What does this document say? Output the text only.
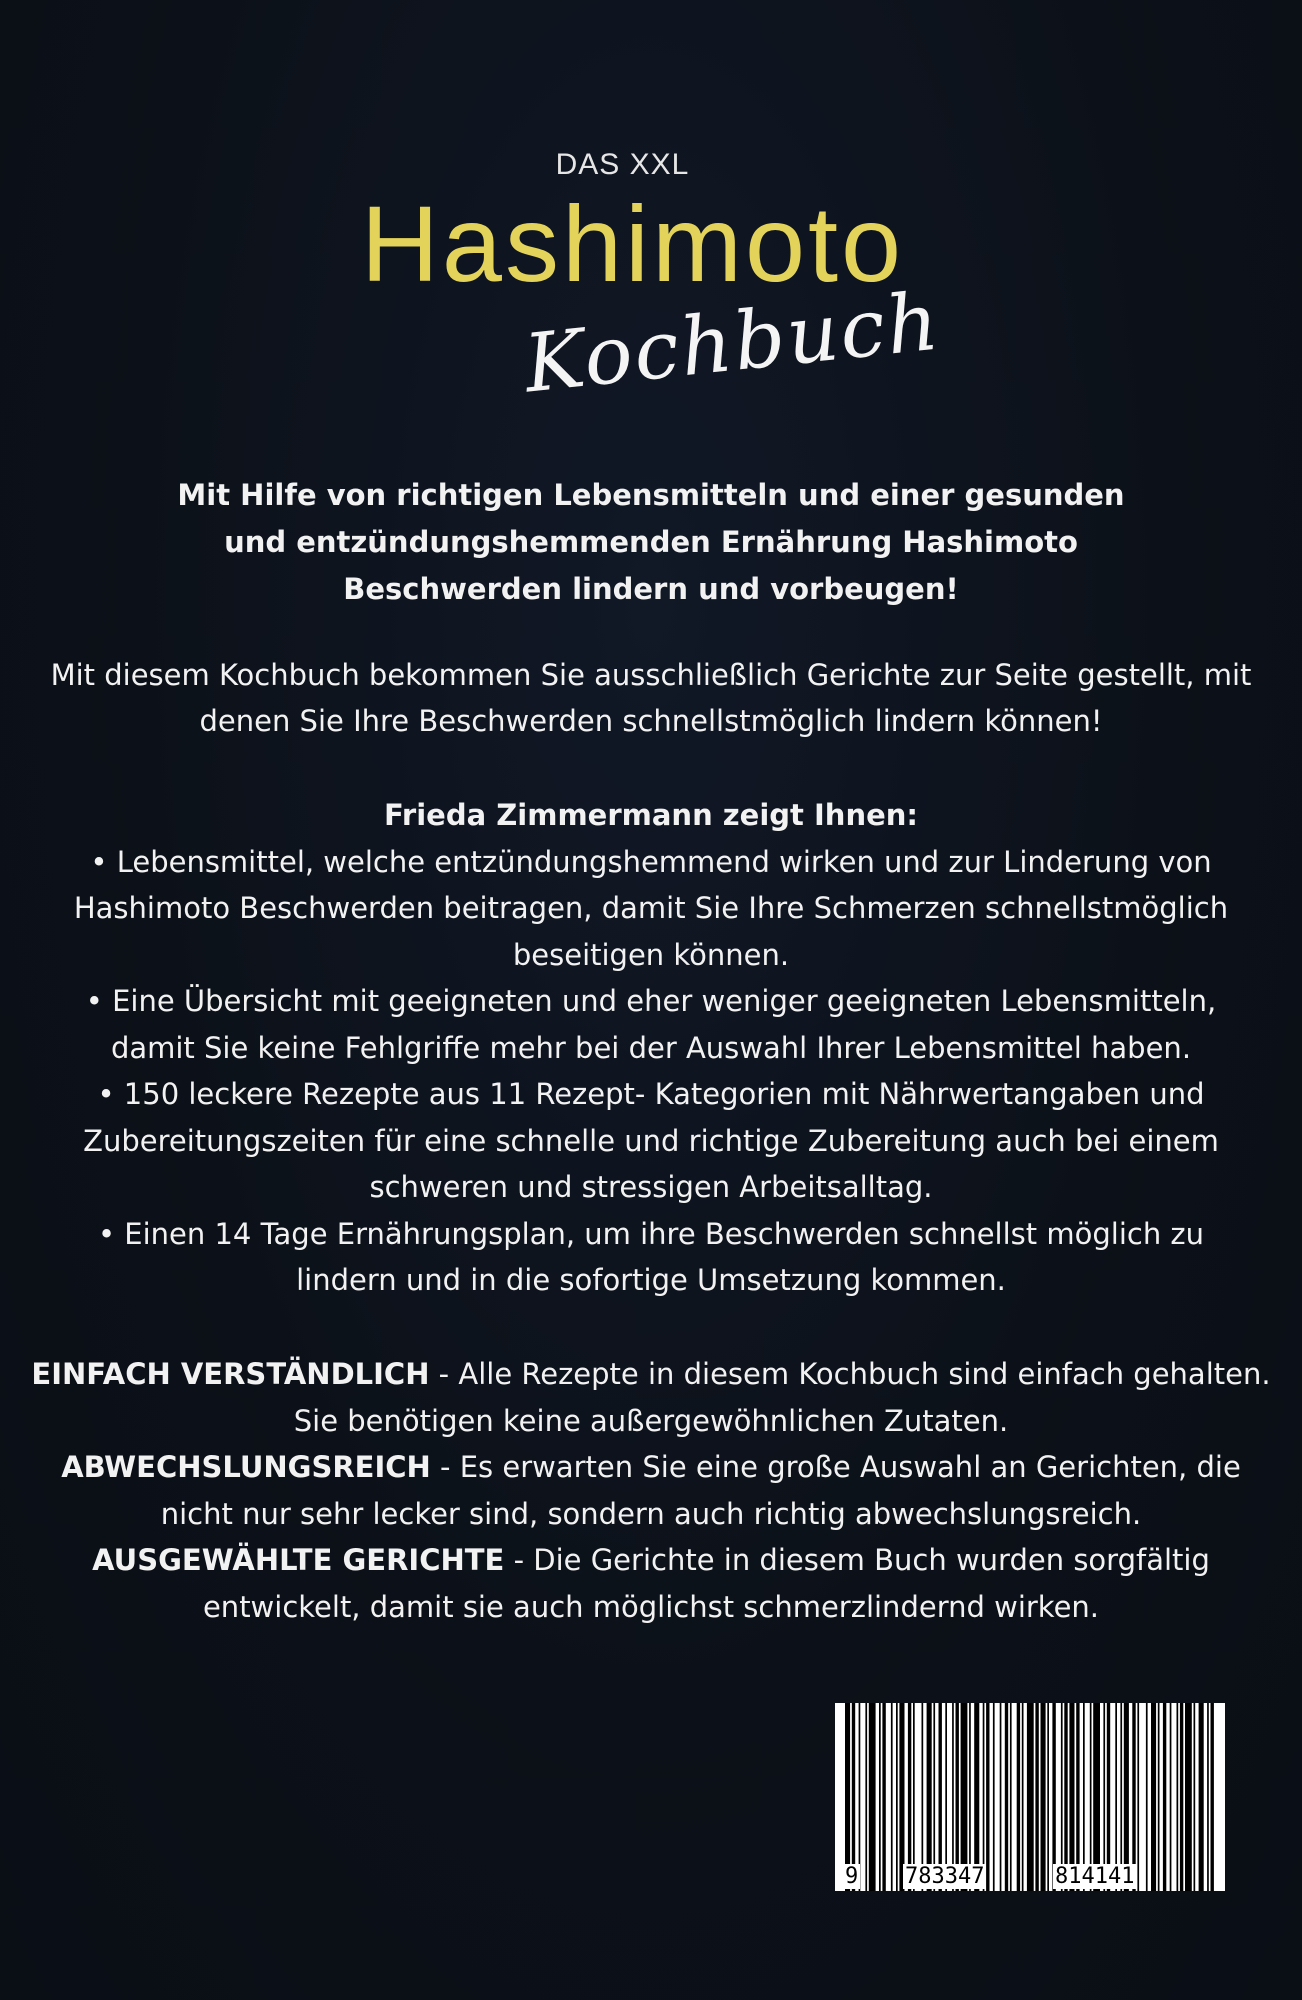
DAS XXL
Hashimoto
Kochbuch
Mit Hilfe von richtigen Lebensmitteln und einer gesunden und entzündungshemmenden Ernährung Hashimoto Beschwerden lindern und vorbeugen!
Mit diesem Kochbuch bekommen Sie ausschließlich Gerichte zur Seite gestellt, mit denen Sie Ihre Beschwerden schnellstmöglich lindern können!

Frieda Zimmermann zeigt Ihnen:

• Lebensmittel, welche entzündungshemmend wirken und zur Linderung von Hashimoto Beschwerden beitragen, damit Sie Ihre Schmerzen schnellstmöglich beseitigen können.

• Eine Übersicht mit geeigneten und eher weniger geeigneten Lebensmitteln, damit Sie keine Fehlgriffe mehr bei der Auswahl Ihrer Lebensmittel haben.

• 150 leckere Rezepte aus 11 Rezept- Kategorien mit Nährwertangaben und Zubereitungszeiten für eine schnelle und richtige Zubereitung auch bei einem schweren und stressigen Arbeitsalltag.

• Einen 14 Tage Ernährungsplan, um ihre Beschwerden schnellst möglich zu lindern und in die sofortige Umsetzung kommen.

EINFACH VERSTÄNDLICH - Alle Rezepte in diesem Kochbuch sind einfach gehalten. Sie benötigen keine außergewöhnlichen Zutaten.

ABWECHSLUNGSREICH - Es erwarten Sie eine große Auswahl an Gerichten, die nicht nur sehr lecker sind, sondern auch richtig abwechslungsreich.

AUSGEWÄHLTE GERICHTE - Die Gerichte in diesem Buch wurden sorgfältig entwickelt, damit sie auch möglichst schmerzlindernd wirken.

9 783347	814141
